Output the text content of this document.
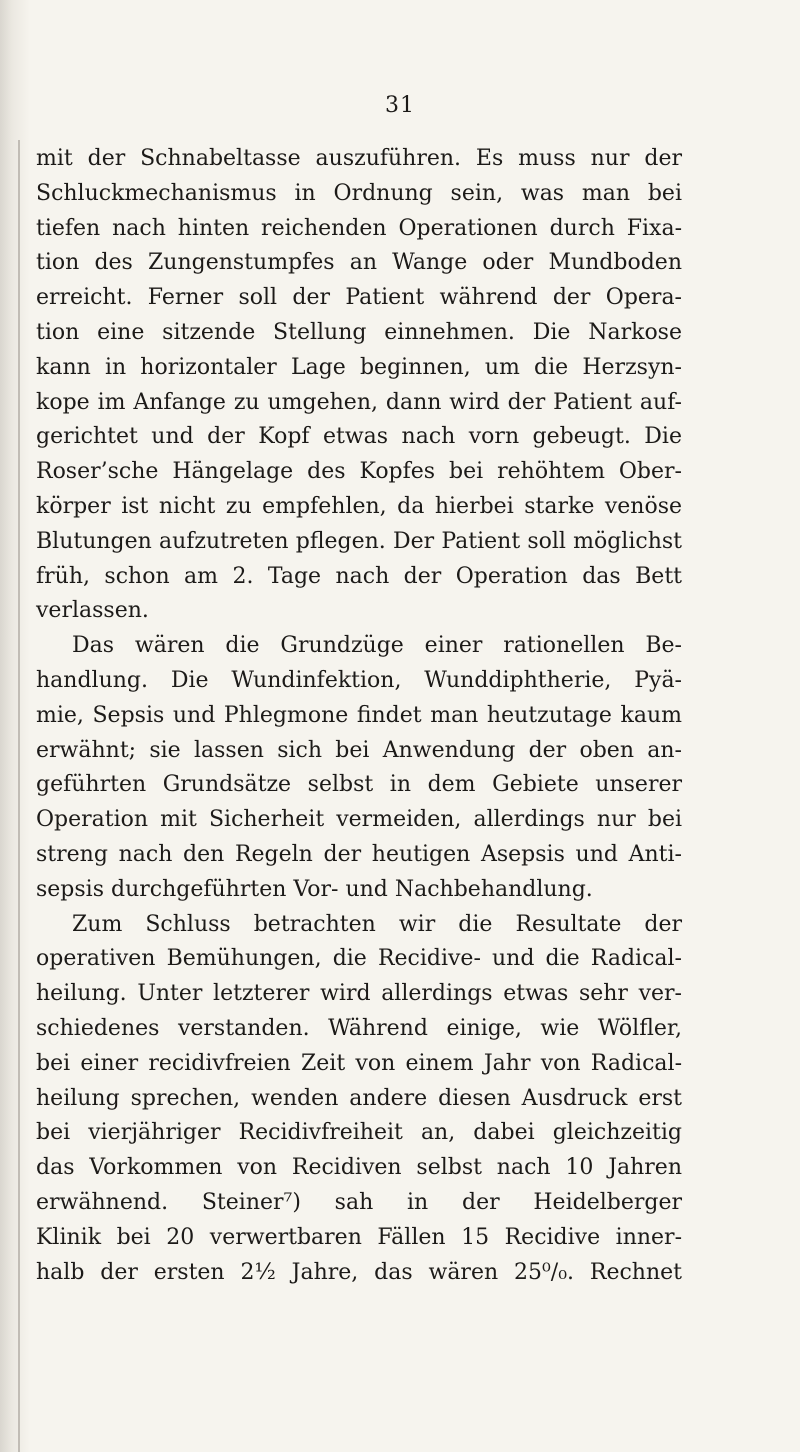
31
mit der Schnabeltasse auszuführen. Es muss nur der
Schluckmechanismus in Ordnung sein, was man bei
tiefen nach hinten reichenden Operationen durch Fixa-
tion des Zungenstumpfes an Wange oder Mundboden
erreicht. Ferner soll der Patient während der Opera-
tion eine sitzende Stellung einnehmen. Die Narkose
kann in horizontaler Lage beginnen, um die Herzsyn-
kope im Anfange zu umgehen, dann wird der Patient auf-
gerichtet und der Kopf etwas nach vorn gebeugt. Die
Roser’sche Hängelage des Kopfes bei rehöhtem Ober-
körper ist nicht zu empfehlen, da hierbei starke venöse
Blutungen aufzutreten pflegen. Der Patient soll möglichst
früh, schon am 2. Tage nach der Operation das Bett
verlassen.
Das wären die Grundzüge einer rationellen Be-
handlung. Die Wundinfektion, Wunddiphtherie, Pyä-
mie, Sepsis und Phlegmone findet man heutzutage kaum
erwähnt; sie lassen sich bei Anwendung der oben an-
geführten Grundsätze selbst in dem Gebiete unserer
Operation mit Sicherheit vermeiden, allerdings nur bei
streng nach den Regeln der heutigen Asepsis und Anti-
sepsis durchgeführten Vor- und Nachbehandlung.
Zum Schluss betrachten wir die Resultate der
operativen Bemühungen, die Recidive- und die Radical-
heilung. Unter letzterer wird allerdings etwas sehr ver-
schiedenes verstanden. Während einige, wie Wölfler,
bei einer recidivfreien Zeit von einem Jahr von Radical-
heilung sprechen, wenden andere diesen Ausdruck erst
bei vierjähriger Recidivfreiheit an, dabei gleichzeitig
das Vorkommen von Recidiven selbst nach 10 Jahren
erwähnend. Steiner⁷) sah in der Heidelberger
Klinik bei 20 verwertbaren Fällen 15 Recidive inner-
halb der ersten 2½ Jahre, das wären 25⁰/₀. Rechnet
